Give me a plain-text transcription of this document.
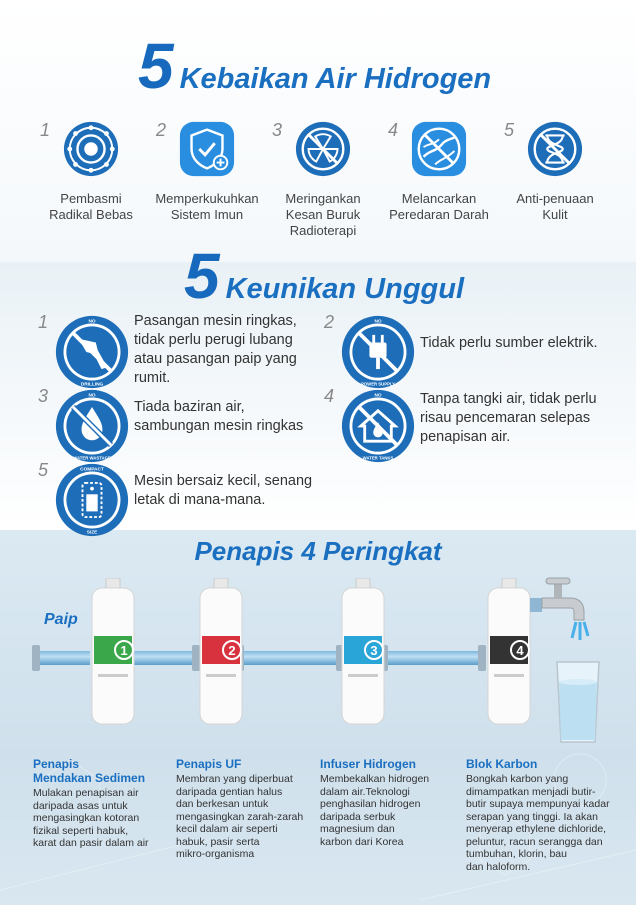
5 Kebaikan Air Hidrogen
1
Pembasmi
Radikal Bebas
2
Memperkukuhkan
Sistem Imun
3
Meringankan
Kesan Buruk
Radioterapi
4
Melancarkan
Peredaran Darah
5
Anti-penuaan
Kulit
5 Keunikan Unggul
1	NO
DRILLING
Pasangan mesin ringkas,
tidak perlu perugi lubang
atau pasangan paip yang
rumit.
2	NO
POWER SUPPLY
Tidak perlu sumber elektrik.
3	NO
WATER WASTAGE
Tiada baziran air,
sambungan mesin ringkas
4	NO
WATER TANKS
Tanpa tangki air, tidak perlu
risau pencemaran selepas
penapisan air.
5	COMPACT
SIZE
Mesin bersaiz kecil, senang
letak di mana-mana.
Penapis 4 Peringkat
Paip
1	2	3	4
Penapis
Mendakan Sedimen
Mulakan penapisan air
daripada asas untuk
mengasingkan kotoran
fizikal seperti habuk,
karat dan pasir dalam air
Penapis UF
Membran yang diperbuat
daripada gentian halus
dan berkesan untuk
mengasingkan zarah-zarah
kecil dalam air seperti
habuk, pasir serta
mikro-organisma
Infuser Hidrogen
Membekalkan hidrogen
dalam air.Teknologi
penghasilan hidrogen
daripada serbuk
magnesium dan
karbon dari Korea
Blok Karbon
Bongkah karbon yang
dimampatkan menjadi butir-
butir supaya mempunyai kadar
serapan yang tinggi. Ia akan
menyerap ethylene dichloride,
peluntur, racun serangga dan
tumbuhan, klorin, bau
dan haloform.
